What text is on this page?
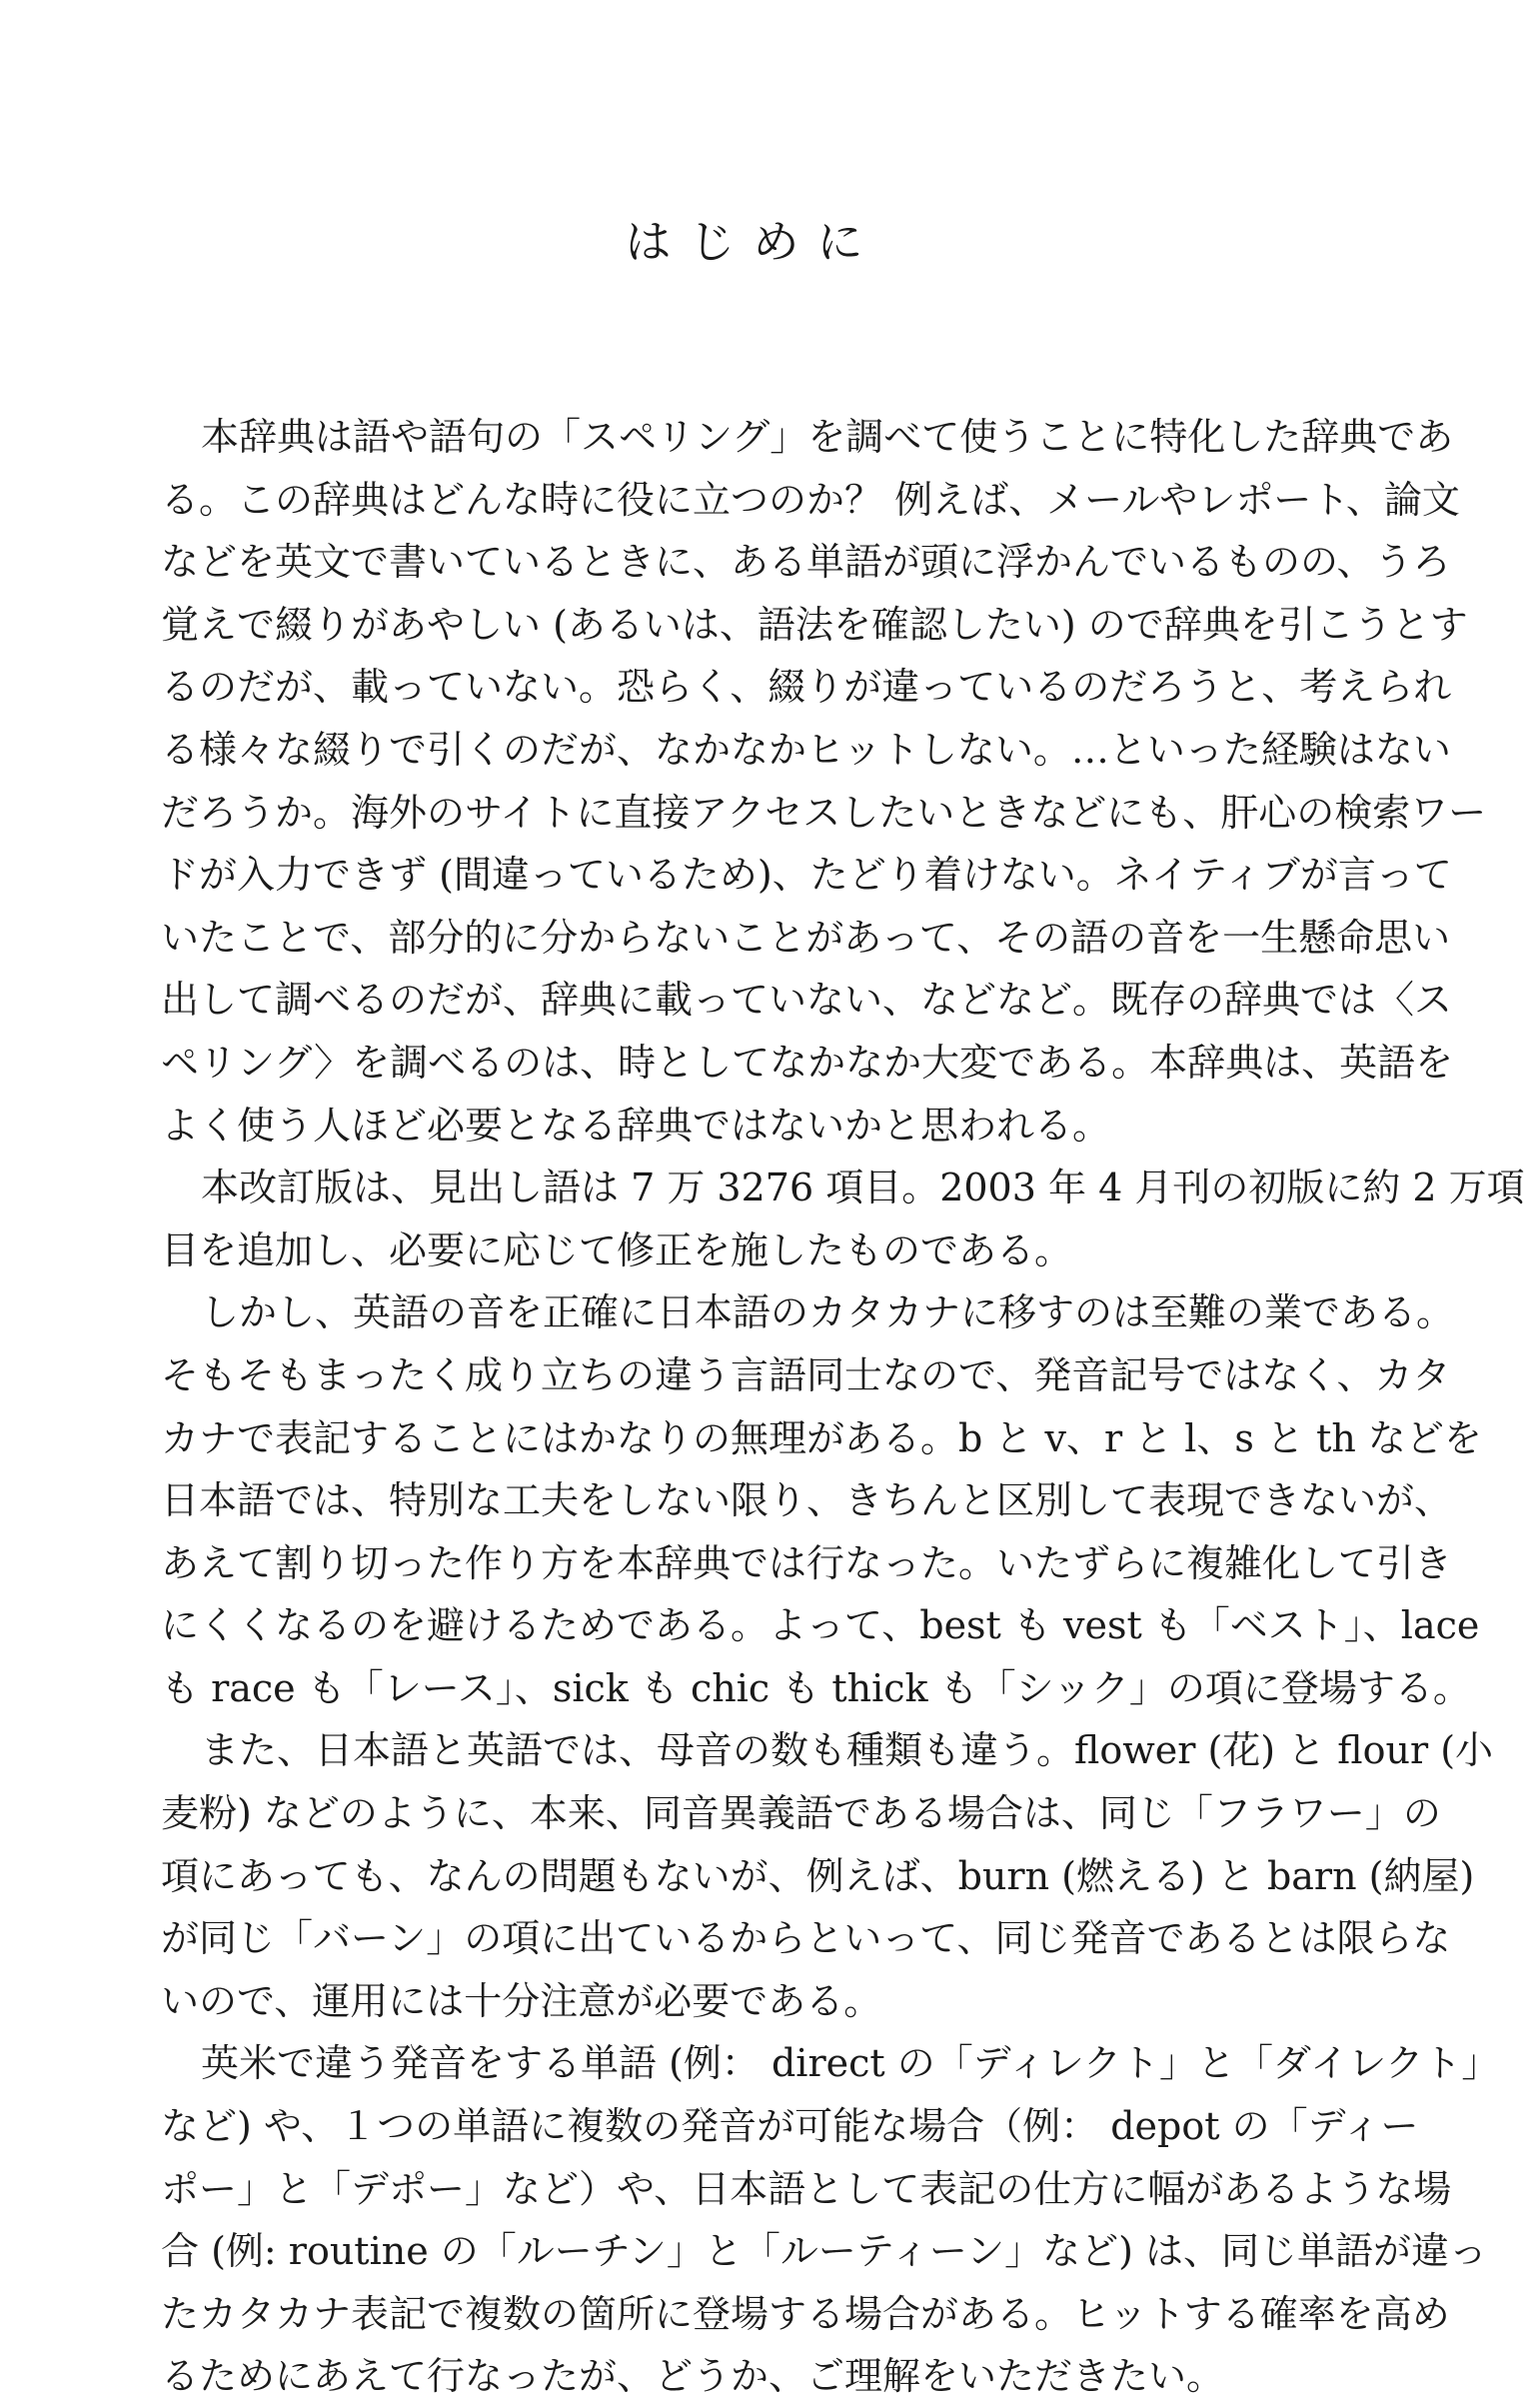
はじめに
本辞典は語や語句の「スペリング」を調べて使うことに特化した辞典であ
る。この辞典はどんな時に役に立つのか？ 例えば、メールやレポート、論文
などを英文で書いているときに、ある単語が頭に浮かんでいるものの、うろ
覚えで綴りがあやしい (あるいは、語法を確認したい) ので辞典を引こうとす
るのだが、載っていない。恐らく、綴りが違っているのだろうと、考えられ
る様々な綴りで引くのだが、なかなかヒットしない。…といった経験はない
だろうか。海外のサイトに直接アクセスしたいときなどにも、肝心の検索ワー
ドが入力できず (間違っているため)、たどり着けない。ネイティブが言って
いたことで、部分的に分からないことがあって、その語の音を一生懸命思い
出して調べるのだが、辞典に載っていない、などなど。既存の辞典では〈ス
ペリング〉を調べるのは、時としてなかなか大変である。本辞典は、英語を
よく使う人ほど必要となる辞典ではないかと思われる。
本改訂版は、見出し語は 7 万 3276 項目。2003 年 4 月刊の初版に約 2 万項
目を追加し、必要に応じて修正を施したものである。
しかし、英語の音を正確に日本語のカタカナに移すのは至難の業である。
そもそもまったく成り立ちの違う言語同士なので、発音記号ではなく、カタ
カナで表記することにはかなりの無理がある。b と v、r と l、s と th などを
日本語では、特別な工夫をしない限り、きちんと区別して表現できないが、
あえて割り切った作り方を本辞典では行なった。いたずらに複雑化して引き
にくくなるのを避けるためである。よって、best も vest も「ベスト」、lace
も race も「レース」、sick も chic も thick も「シック」の項に登場する。
また、日本語と英語では、母音の数も種類も違う。flower (花) と flour (小
麦粉) などのように、本来、同音異義語である場合は、同じ「フラワー」の
項にあっても、なんの問題もないが、例えば、burn (燃える) と barn (納屋)
が同じ「バーン」の項に出ているからといって、同じ発音であるとは限らな
いので、運用には十分注意が必要である。
英米で違う発音をする単語 (例： direct の「ディレクト」と「ダイレクト」
など) や、１つの単語に複数の発音が可能な場合（例： depot の「ディー
ポー」と「デポー」など）や、日本語として表記の仕方に幅があるような場
合 (例: routine の「ルーチン」と「ルーティーン」など) は、同じ単語が違っ
たカタカナ表記で複数の箇所に登場する場合がある。ヒットする確率を高め
るためにあえて行なったが、どうか、ご理解をいただきたい。
